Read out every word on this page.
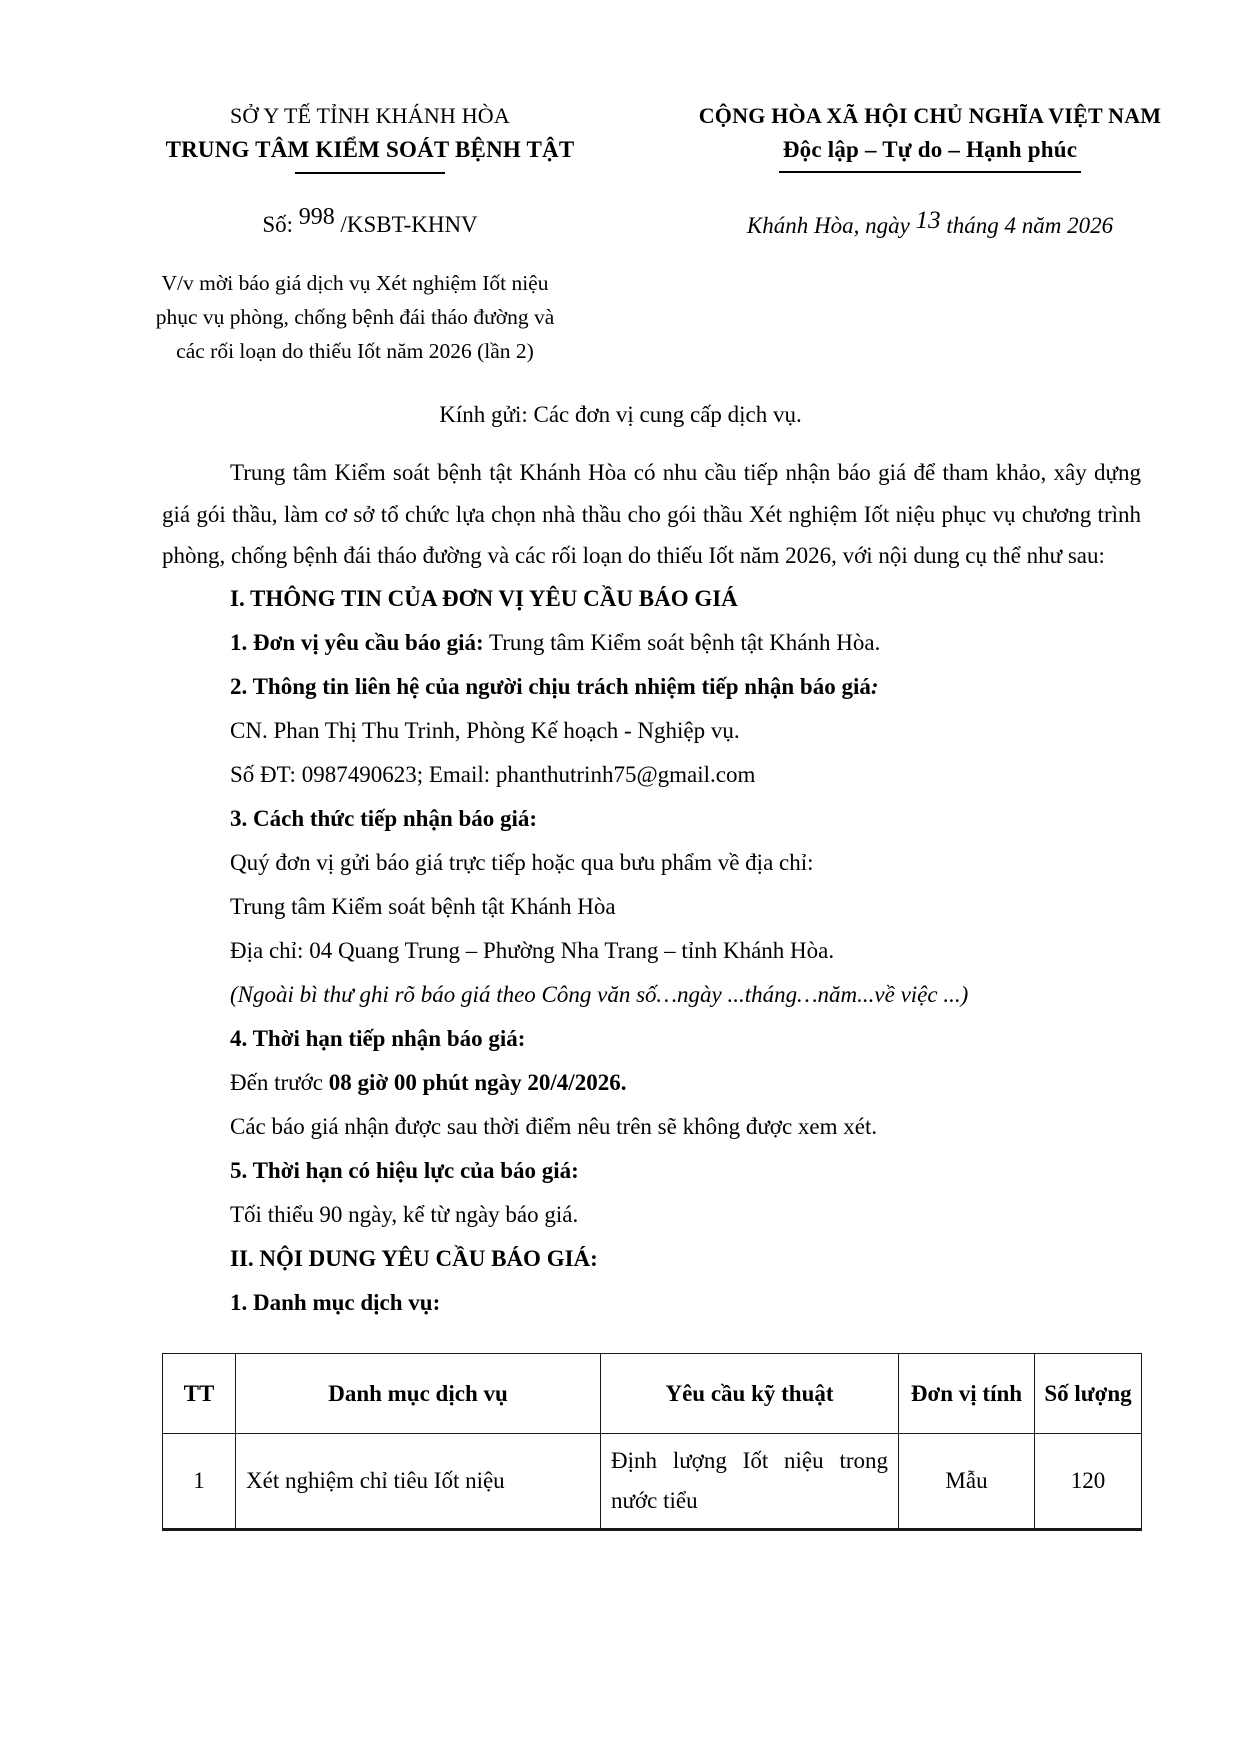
SỞ Y TẾ TỈNH KHÁNH HÒA
TRUNG TÂM KIỂM SOÁT BỆNH TẬT
CỘNG HÒA XÃ HỘI CHỦ NGHĨA VIỆT NAM
Độc lập – Tự do – Hạnh phúc
Số: 998 /KSBT-KHNV	Khánh Hòa, ngày 13 tháng 4 năm 2026
V/v mời báo giá dịch vụ Xét nghiệm Iốt niệu
phục vụ phòng, chống bệnh đái tháo đường và
các rối loạn do thiếu Iốt năm 2026 (lần 2)

Kính gửi: Các đơn vị cung cấp dịch vụ.

Trung tâm Kiểm soát bệnh tật Khánh Hòa có nhu cầu tiếp nhận báo giá để tham khảo, xây dựng giá gói thầu, làm cơ sở tổ chức lựa chọn nhà thầu cho gói thầu Xét nghiệm Iốt niệu phục vụ chương trình phòng, chống bệnh đái tháo đường và các rối loạn do thiếu Iốt năm 2026, với nội dung cụ thể như sau:

I. THÔNG TIN CỦA ĐƠN VỊ YÊU CẦU BÁO GIÁ

1. Đơn vị yêu cầu báo giá: Trung tâm Kiểm soát bệnh tật Khánh Hòa.

2. Thông tin liên hệ của người chịu trách nhiệm tiếp nhận báo giá:

CN. Phan Thị Thu Trinh, Phòng Kế hoạch - Nghiệp vụ.

Số ĐT: 0987490623; Email: phanthutrinh75@gmail.com

3. Cách thức tiếp nhận báo giá:

Quý đơn vị gửi báo giá trực tiếp hoặc qua bưu phẩm về địa chỉ:

Trung tâm Kiểm soát bệnh tật Khánh Hòa

Địa chỉ: 04 Quang Trung – Phường Nha Trang – tỉnh Khánh Hòa.

(Ngoài bì thư ghi rõ báo giá theo Công văn số…ngày ...tháng…năm...về việc ...)

4. Thời hạn tiếp nhận báo giá:

Đến trước 08 giờ 00 phút ngày 20/4/2026.

Các báo giá nhận được sau thời điểm nêu trên sẽ không được xem xét.

5. Thời hạn có hiệu lực của báo giá:

Tối thiểu 90 ngày, kể từ ngày báo giá.

II. NỘI DUNG YÊU CẦU BÁO GIÁ:

1. Danh mục dịch vụ:

TT	Danh mục dịch vụ	Yêu cầu kỹ thuật	Đơn vị tính	Số lượng
1	Xét nghiệm chỉ tiêu Iốt niệu	Định lượng Iốt niệu trong nước tiểu	Mẫu	120
